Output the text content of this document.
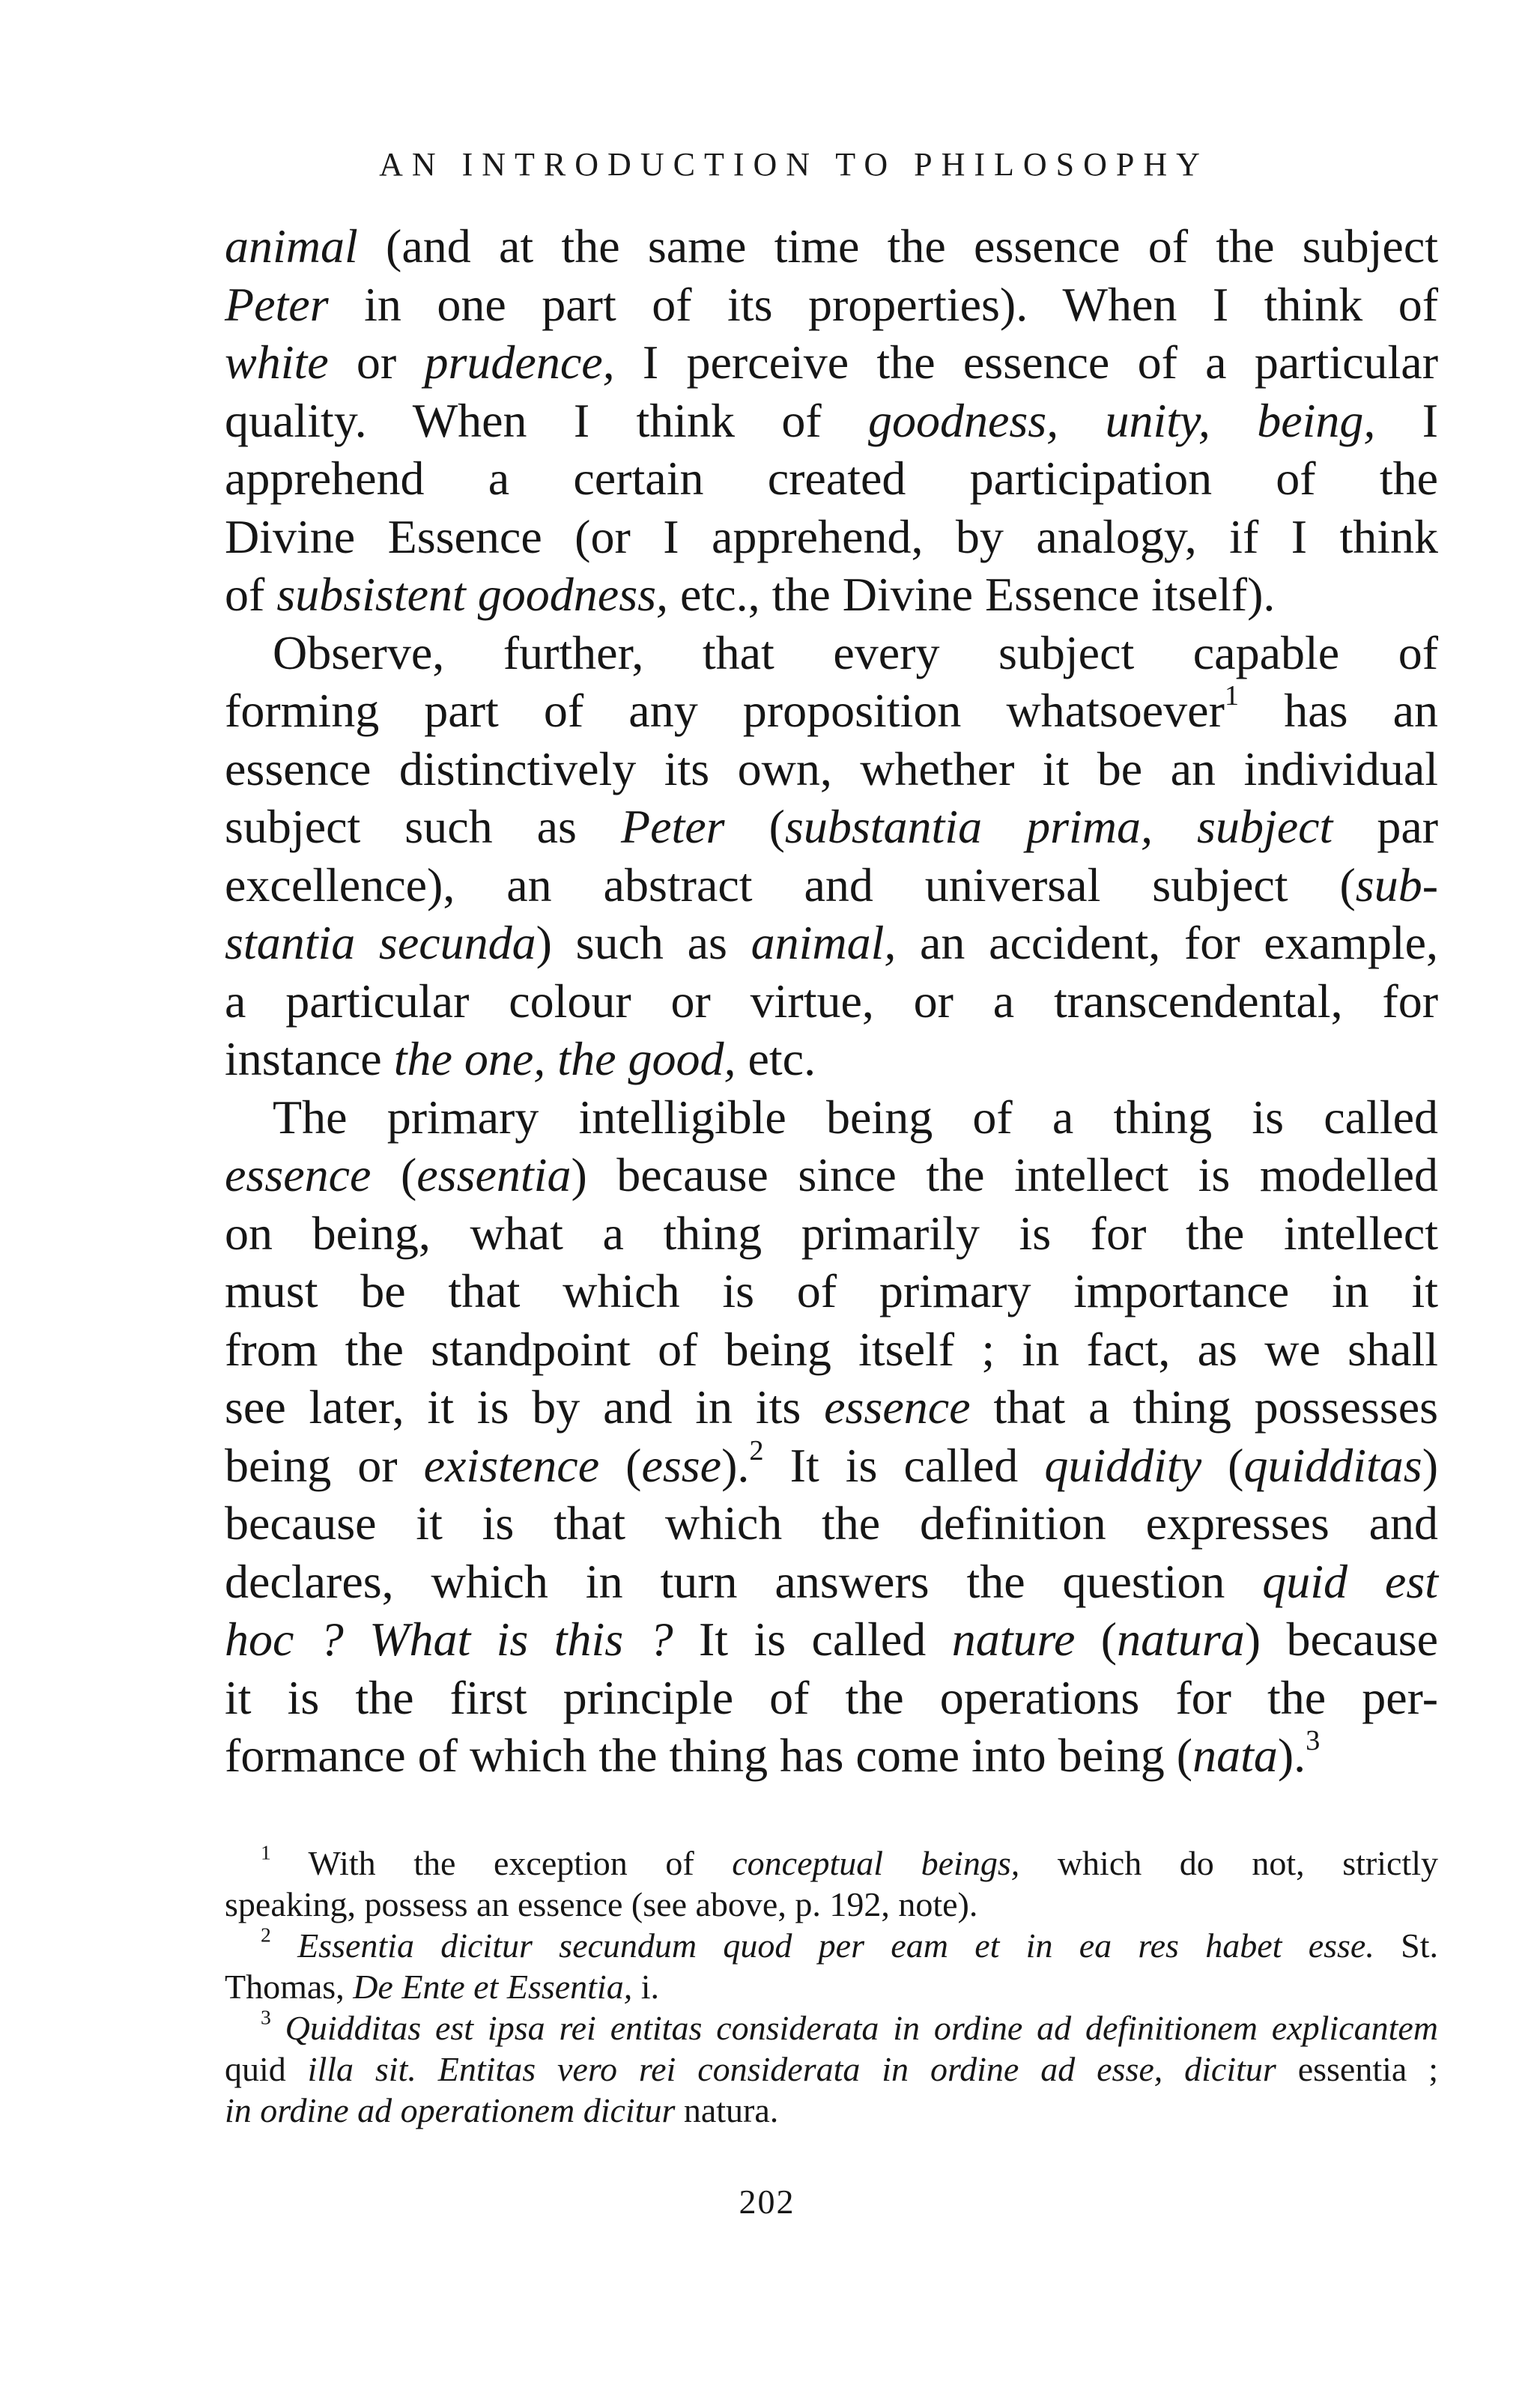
AN INTRODUCTION TO PHILOSOPHY
animal (and at the same time the essence of the subject
Peter in one part of its properties). When I think of
white or prudence, I perceive the essence of a particular
quality. When I think of goodness, unity, being, I
apprehend a certain created participation of the
Divine Essence (or I apprehend, by analogy, if I think
of subsistent goodness, etc., the Divine Essence itself).
Observe, further, that every subject capable of
forming part of any proposition whatsoever$^1$ has an
essence distinctively its own, whether it be an individual
subject such as Peter (substantia prima, subject par
excellence), an abstract and universal subject (sub-
stantia secunda) such as animal, an accident, for example,
a particular colour or virtue, or a transcendental, for
instance the one, the good, etc.
The primary intelligible being of a thing is called
essence (essentia) because since the intellect is modelled
on being, what a thing primarily is for the intellect
must be that which is of primary importance in it
from the standpoint of being itself ; in fact, as we shall
see later, it is by and in its essence that a thing possesses
being or existence (esse).$^2$ It is called quiddity (quidditas)
because it is that which the definition expresses and
declares, which in turn answers the question quid est
hoc ? What is this ? It is called nature (natura) because
it is the first principle of the operations for the per-
formance of which the thing has come into being (nata).$^3$
$^1$ With the exception of conceptual beings, which do not, strictly
speaking, possess an essence (see above, p. 192, note).
$^2$ Essentia dicitur secundum quod per eam et in ea res habet esse. St.
Thomas, De Ente et Essentia, i.
$^3$ Quidditas est ipsa rei entitas considerata in ordine ad definitionem explicantem
quid illa sit. Entitas vero rei considerata in ordine ad esse, dicitur essentia ;
in ordine ad operationem dicitur natura.
202
